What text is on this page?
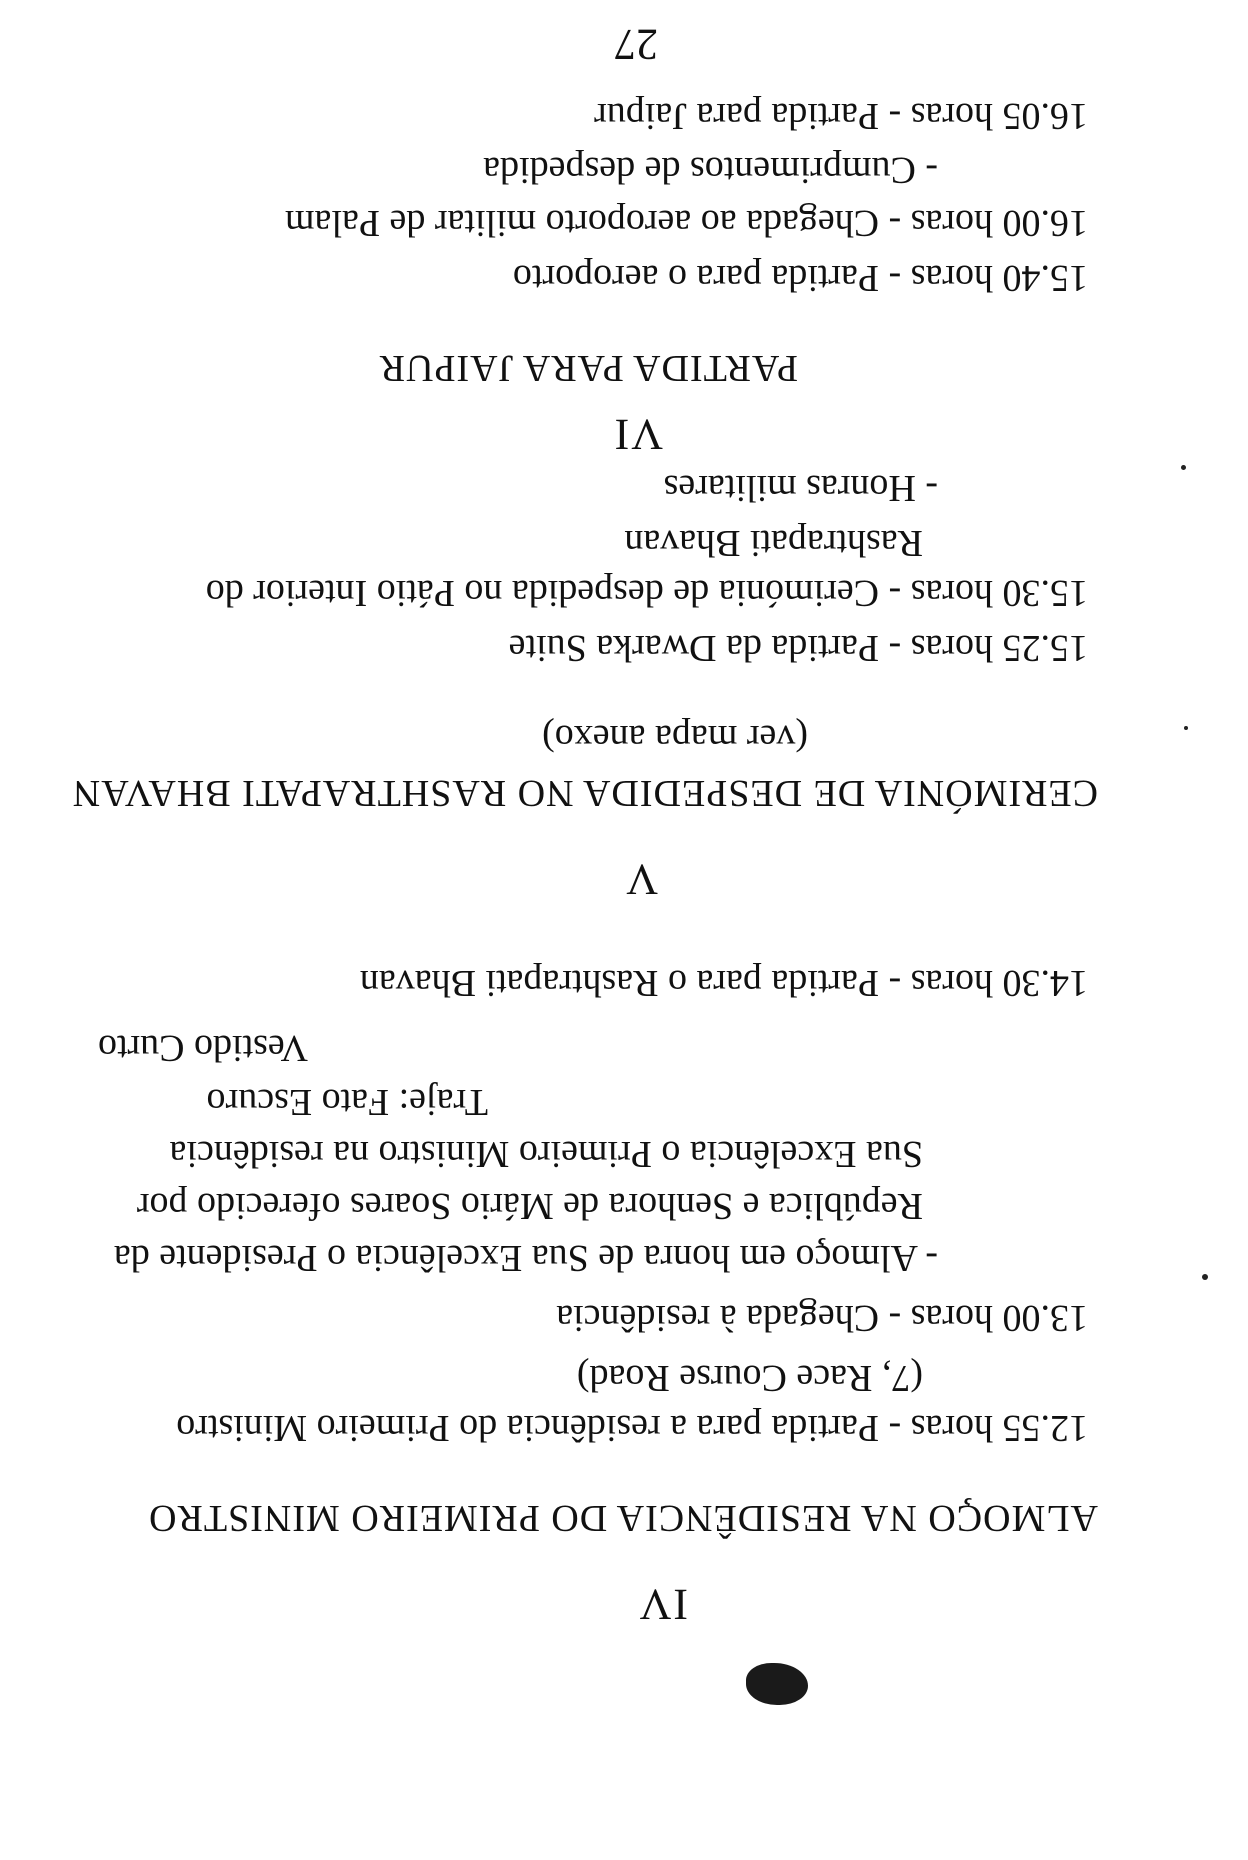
IV
ALMOÇO NA RESIDÊNCIA DO PRIMEIRO MINISTRO
12.55 horas - Partida para a residência do Primeiro Ministro
(7, Race Course Road)
13.00 horas - Chegada à residência
- Almoço em honra de Sua Excelência o Presidente da
República e Senhora de Mário Soares oferecido por
Sua Excelência o Primeiro Ministro na residência
Traje: Fato Escuro
Vestido Curto
14.30 horas - Partida para o Rashtrapati Bhavan
V
CERIMÓNIA DE DESPEDIDA NO RASHTRAPATI BHAVAN
(ver mapa anexo)
15.25 horas - Partida da Dwarka Suite
15.30 horas - Cerimónia de despedida no Pátio Interior do
Rashtrapati Bhavan
- Honras militares
VI
PARTIDA PARA JAIPUR
15.40 horas - Partida para o aeroporto
16.00 horas - Chegada ao aeroporto militar de Palam
- Cumprimentos de despedida
16.05 horas - Partida para Jaipur
27
